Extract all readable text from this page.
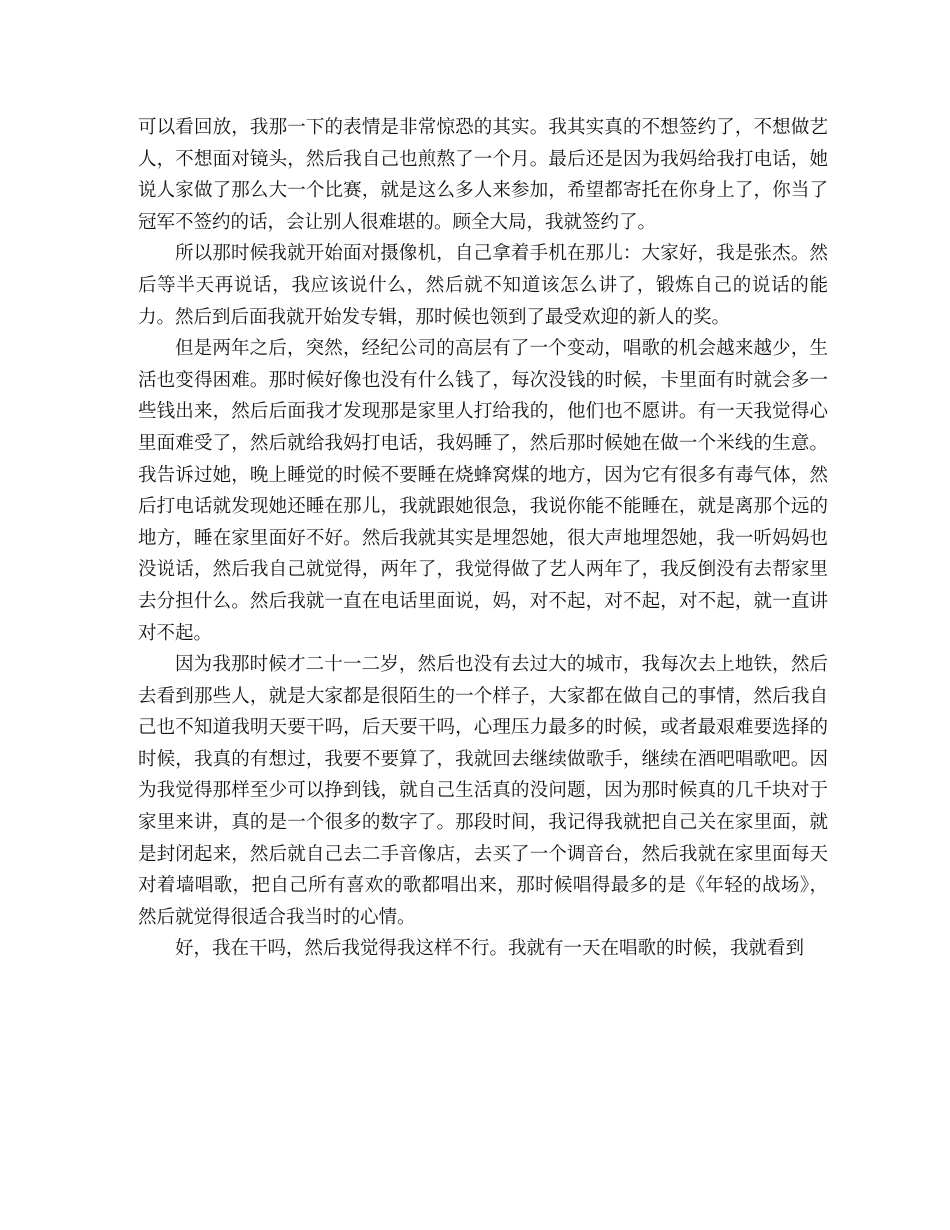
可以看回放，我那一下的表情是非常惊恐的其实。我其实真的不想签约了，不想做艺人，不想面对镜头，然后我自己也煎熬了一个月。最后还是因为我妈给我打电话，她说人家做了那么大一个比赛，就是这么多人来参加，希望都寄托在你身上了，你当了冠军不签约的话，会让别人很难堪的。顾全大局，我就签约了。

所以那时候我就开始面对摄像机，自己拿着手机在那儿：大家好，我是张杰。然后等半天再说话，我应该说什么，然后就不知道该怎么讲了，锻炼自己的说话的能力。然后到后面我就开始发专辑，那时候也领到了最受欢迎的新人的奖。

但是两年之后，突然，经纪公司的高层有了一个变动，唱歌的机会越来越少，生活也变得困难。那时候好像也没有什么钱了，每次没钱的时候，卡里面有时就会多一些钱出来，然后后面我才发现那是家里人打给我的，他们也不愿讲。有一天我觉得心里面难受了，然后就给我妈打电话，我妈睡了，然后那时候她在做一个米线的生意。我告诉过她，晚上睡觉的时候不要睡在烧蜂窝煤的地方，因为它有很多有毒气体，然后打电话就发现她还睡在那儿，我就跟她很急，我说你能不能睡在，就是离那个远的地方，睡在家里面好不好。然后我就其实是埋怨她，很大声地埋怨她，我一听妈妈也没说话，然后我自己就觉得，两年了，我觉得做了艺人两年了，我反倒没有去帮家里去分担什么。然后我就一直在电话里面说，妈，对不起，对不起，对不起，就一直讲对不起。

因为我那时候才二十一二岁，然后也没有去过大的城市，我每次去上地铁，然后去看到那些人，就是大家都是很陌生的一个样子，大家都在做自己的事情，然后我自己也不知道我明天要干吗，后天要干吗，心理压力最多的时候，或者最艰难要选择的时候，我真的有想过，我要不要算了，我就回去继续做歌手，继续在酒吧唱歌吧。因为我觉得那样至少可以挣到钱，就自己生活真的没问题，因为那时候真的几千块对于家里来讲，真的是一个很多的数字了。那段时间，我记得我就把自己关在家里面，就是封闭起来，然后就自己去二手音像店，去买了一个调音台，然后我就在家里面每天对着墙唱歌，把自己所有喜欢的歌都唱出来，那时候唱得最多的是《年轻的战场》，然后就觉得很适合我当时的心情。

好，我在干吗，然后我觉得我这样不行。我就有一天在唱歌的时候，我就看到
